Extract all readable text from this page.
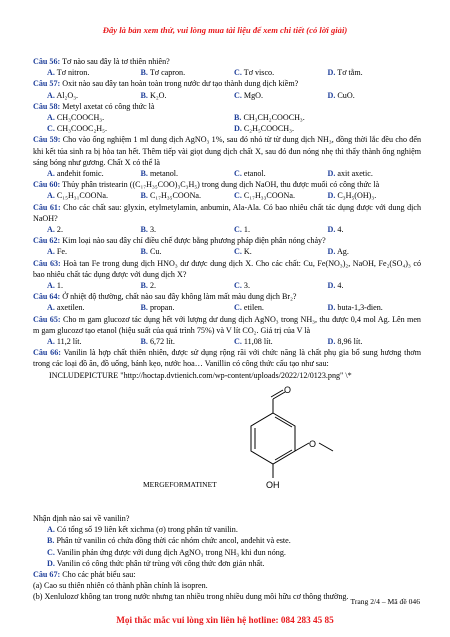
Đây là bản xem thử, vui lòng mua tài liệu để xem chi tiết (có lời giải)

Câu 56: Tơ nào sau đây là tơ thiên nhiên?

A. Tơ nitron.	B. Tơ capron.	C. Tơ visco.	D. Tơ tằm.

Câu 57: Oxit nào sau đây tan hoàn toàn trong nước dư tạo thành dung dịch kiềm?

A. Al₂O₃.	B. K₂O.	C. MgO.	D. CuO.

Câu 58: Metyl axetat có công thức là

A. CH₃COOCH₃.	B. CH₃CH₂COOCH₃.
C. CH₃COOC₂H₅.	D. C₂H₅COOCH₃.

Câu 59: Cho vào ống nghiệm 1 ml dung dịch AgNO₃ 1%, sau đó nhỏ từ từ dung dịch NH₃, đồng thời lắc đều cho đến khi kết tủa sinh ra bị hòa tan hết. Thêm tiếp vài giọt dung dịch chất X, sau đó đun nóng nhẹ thì thấy thành ống nghiệm sáng bóng như gương. Chất X có thể là

A. anđehit fomic.	B. metanol.	C. etanol.	D. axit axetic.

Câu 60: Thủy phân tristearin ((C₁₇H₃₅COO)₃C₃H₅) trong dung dịch NaOH, thu được muối có công thức là

A. C₁₅H₃₁COONa.	B. C₁₇H₃₅COONa.	C. C₁₇H₃₃COONa.	D. C₃H₅(OH)₃.

Câu 61: Cho các chất sau: glyxin, etylmetylamin, anbumin, Ala-Ala. Có bao nhiêu chất tác dụng được với dung dịch NaOH?

A. 2.	B. 3.	C. 1.	D. 4.

Câu 62: Kim loại nào sau đây chỉ điều chế được bằng phương pháp điện phân nóng chảy?

A. Fe.	B. Cu.	C. K.	D. Ag.

Câu 63: Hoà tan Fe trong dung dịch HNO₃ dư được dung dịch X. Cho các chất: Cu, Fe(NO₃)₂, NaOH, Fe₂(SO₄)₃ có bao nhiêu chất tác dụng được với dung dịch X?

A. 1.	B. 2.	C. 3.	D. 4.

Câu 64: Ở nhiệt độ thường, chất nào sau đây không làm mất màu dung dịch Br₂?

A. axetilen.	B. propan.	C. etilen.	D. buta-1,3-đien.

Câu 65: Cho m gam glucozơ tác dụng hết với lượng dư dung dịch AgNO₃ trong NH₃, thu được 0,4 mol Ag. Lên men m gam glucozơ tạo etanol (hiệu suất của quá trình 75%) và V lít CO₂. Giá trị của V là

A. 11,2 lít.	B. 6,72 lít.	C. 11,08 lít.	D. 8,96 lít.

Câu 66: Vanilin là hợp chất thiên nhiên, được sử dụng rộng rãi với chức năng là chất phụ gia bổ sung hương thơm trong các loại đồ ăn, đồ uống, bánh kẹo, nước hoa… Vanillin có công thức cấu tạo như sau:

INCLUDEPICTURE "http://hoctap.dvtienich.com/wp-content/uploads/2022/12/0123.png" \*

O
O
OH
MERGEFORMATINET

Nhận định nào sai về vanilin?

A. Có tổng số 19 liên kết xichma (σ) trong phân tử vanilin.

B. Phân tử vanilin có chứa đồng thời các nhóm chức ancol, anđehit và este.

C. Vanilin phản ứng được với dung dịch AgNO₃ trong NH₃ khi đun nóng.

D. Vanilin có công thức phân tử trùng với công thức đơn giản nhất.

Câu 67: Cho các phát biểu sau:

(a) Cao su thiên nhiên có thành phần chính là isopren.

(b) Xenlulozơ không tan trong nước nhưng tan nhiều trong nhiều dung môi hữu cơ thông thường.

Trang 2/4 – Mã đề 046
Mọi thắc mắc vui lòng xin liên hệ hotline: 084 283 45 85
